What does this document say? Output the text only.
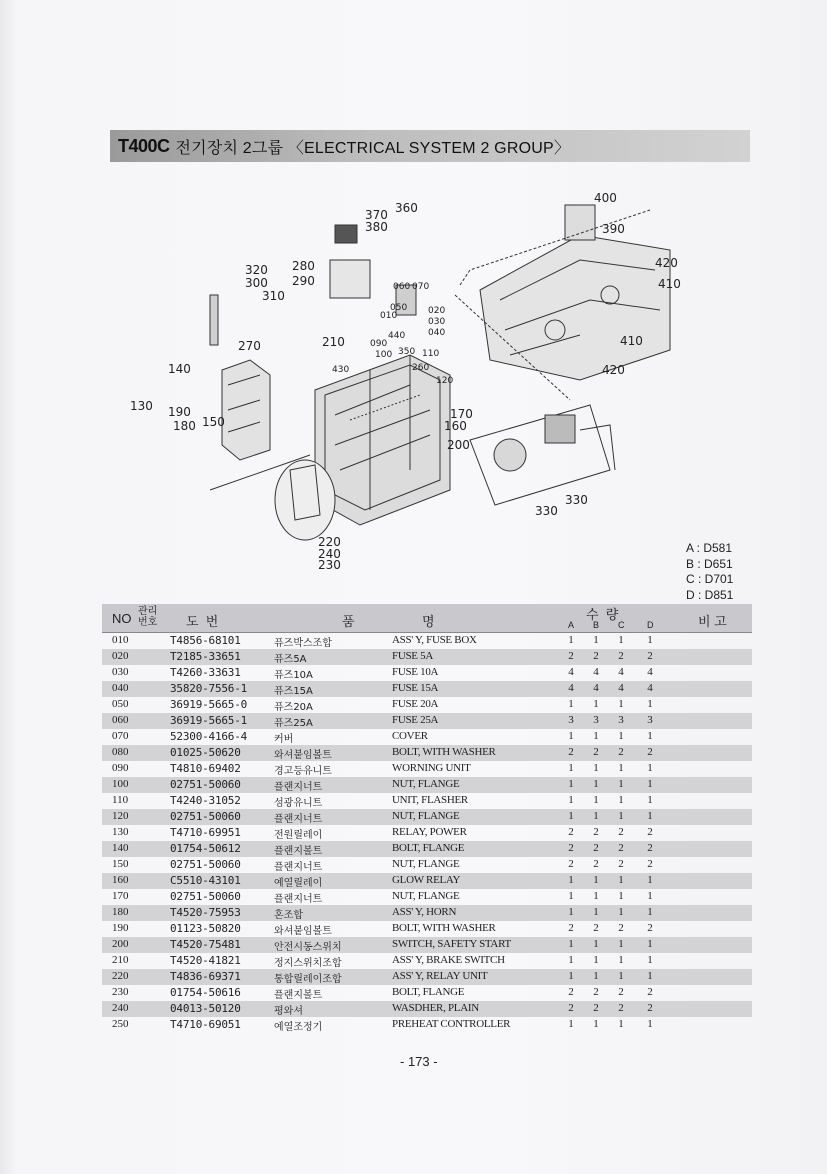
T400C 전기장치 2그룹 〈ELECTRICAL SYSTEM 2 GROUP〉
360
370
380
400
390
420
410
320 280
300 290
310
070
060
050 020
030
010
040
210	090
440
100 350 110
430	260
120
270
140
130 190
180 150
170
160
200
220
240
230
330
330
410
420
A : D581
B : D651
C : D701
D : D851
NO 관리 번호 도  번	품	명	수  량
A B C	D	비 고
010	T4856-68101	퓨즈박스조합	ASS' Y, FUSE BOX	1 1 1 1
020	T2185-33651	퓨즈5A	FUSE 5A	2 2 2 2
030	T4260-33631	퓨즈10A	FUSE 10A	4 4 4 4
040	35820-7556-1	퓨즈15A	FUSE 15A	4 4 4 4
050	36919-5665-0	퓨즈20A	FUSE 20A	1 1 1 1
060	36919-5665-1	퓨즈25A	FUSE 25A	3 3 3 3
070	52300-4166-4	커버	COVER	1 1 1 1
080	01025-50620	와셔붙임볼트	BOLT, WITH WASHER	2 2 2 2
090	T4810-69402	경고등유니트	WORNING UNIT	1 1 1 1
100	02751-50060	플랜지너트	NUT, FLANGE	1 1 1 1
110	T4240-31052	섬광유니트	UNIT, FLASHER	1 1 1 1
120	02751-50060	플랜지너트	NUT, FLANGE	1 1 1 1
130	T4710-69951	전원릴레이	RELAY, POWER	2 2 2 2
140	01754-50612	플랜지볼트	BOLT, FLANGE	2 2 2 2
150	02751-50060	플랜지너트	NUT, FLANGE	2 2 2 2
160	C5510-43101	예열릴레이	GLOW RELAY	1 1 1 1
170	02751-50060	플랜지너트	NUT, FLANGE	1 1 1 1
180	T4520-75953	혼조합	ASS' Y, HORN	1 1 1 1
190	01123-50820	와셔붙임볼트	BOLT, WITH WASHER	2 2 2 2
200	T4520-75481	안전시동스위치	SWITCH, SAFETY START	1 1 1 1
210	T4520-41821	정지스위치조합	ASS' Y, BRAKE SWITCH	1 1 1 1
220	T4836-69371	통합릴레이조합	ASS' Y, RELAY UNIT	1 1 1 1
230	01754-50616	플랜지볼트	BOLT, FLANGE	2 2 2 2
240	04013-50120	평와셔	WASDHER, PLAIN	2 2 2 2
250	T4710-69051	예열조정기	PREHEAT CONTROLLER	1 1 1 1
- 173 -
